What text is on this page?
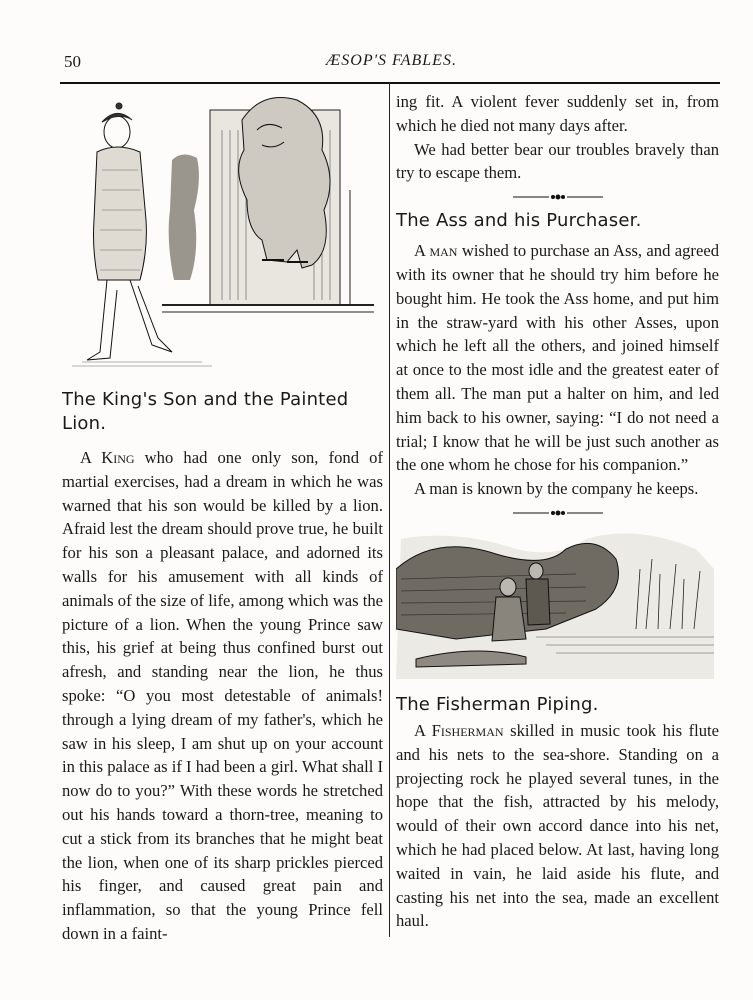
50	ÆSOP'S FABLES.

The King's Son and the Painted
Lion.

A King who had one only son, fond of martial exercises, had a dream in which he was warned that his son would be killed by a lion. Afraid lest the dream should prove true, he built for his son a pleasant palace, and adorned its walls for his amusement with all kinds of animals of the size of life, among which was the picture of a lion. When the young Prince saw this, his grief at being thus confined burst out afresh, and standing near the lion, he thus spoke: “O you most detestable of animals! through a lying dream of my father's, which he saw in his sleep, I am shut up on your account in this palace as if I had been a girl. What shall I now do to you?” With these words he stretched out his hands toward a thorn-tree, meaning to cut a stick from its branches that he might beat the lion, when one of its sharp prickles pierced his finger, and caused great pain and inflammation, so that the young Prince fell down in a faint-

ing fit. A violent fever suddenly set in, from which he died not many days after.

We had better bear our troubles bravely than try to escape them.

The Ass and his Purchaser.

A man wished to purchase an Ass, and agreed with its owner that he should try him before he bought him. He took the Ass home, and put him in the straw-yard with his other Asses, upon which he left all the others, and joined himself at once to the most idle and the greatest eater of them all. The man put a halter on him, and led him back to his owner, saying: “I do not need a trial; I know that he will be just such another as the one whom he chose for his companion.”

A man is known by the company he keeps.

The Fisherman Piping.

A Fisherman skilled in music took his flute and his nets to the sea-shore. Standing on a projecting rock he played several tunes, in the hope that the fish, attracted by his melody, would of their own accord dance into his net, which he had placed below. At last, having long waited in vain, he laid aside his flute, and casting his net into the sea, made an excellent haul.
